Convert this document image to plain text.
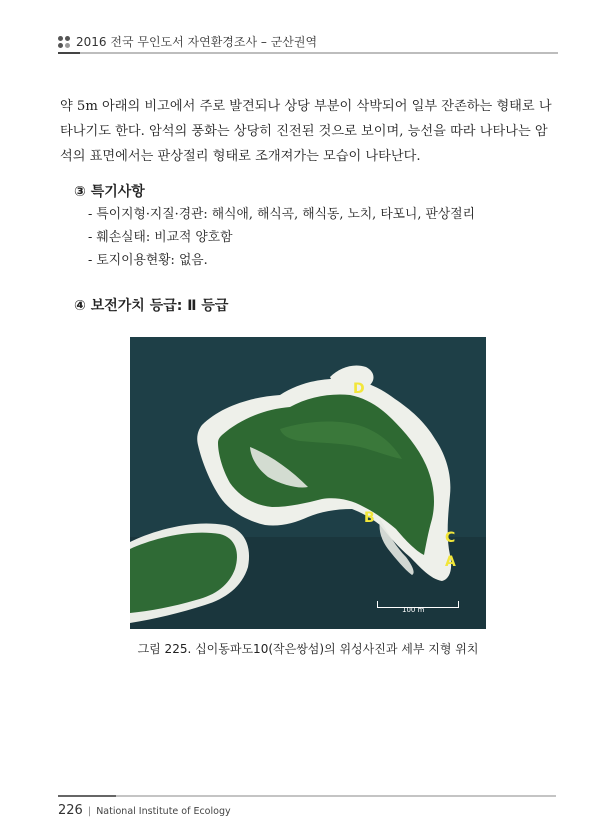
2016 전국 무인도서 자연환경조사 – 군산권역
약 5m 아래의 비고에서 주로 발견되나 상당 부분이 삭박되어 일부 잔존하는 형태로 나
타나기도 한다. 암석의 풍화는 상당히 진전된 것으로 보이며, 능선을 따라 나타나는 암
석의 표면에서는 판상절리 형태로 조개져가는 모습이 나타난다.
③ 특기사항
- 특이지형·지질·경관: 해식애, 해식곡, 해식동, 노치, 타포니, 판상절리
- 훼손실태: 비교적 양호함
- 토지이용현황: 없음.
④ 보전가치 등급: Ⅱ 등급
D
B
C
A
100 m
그림 225. 십이동파도10(작은쌍섬)의 위성사진과 세부 지형 위치
226 | National Institute of Ecology
